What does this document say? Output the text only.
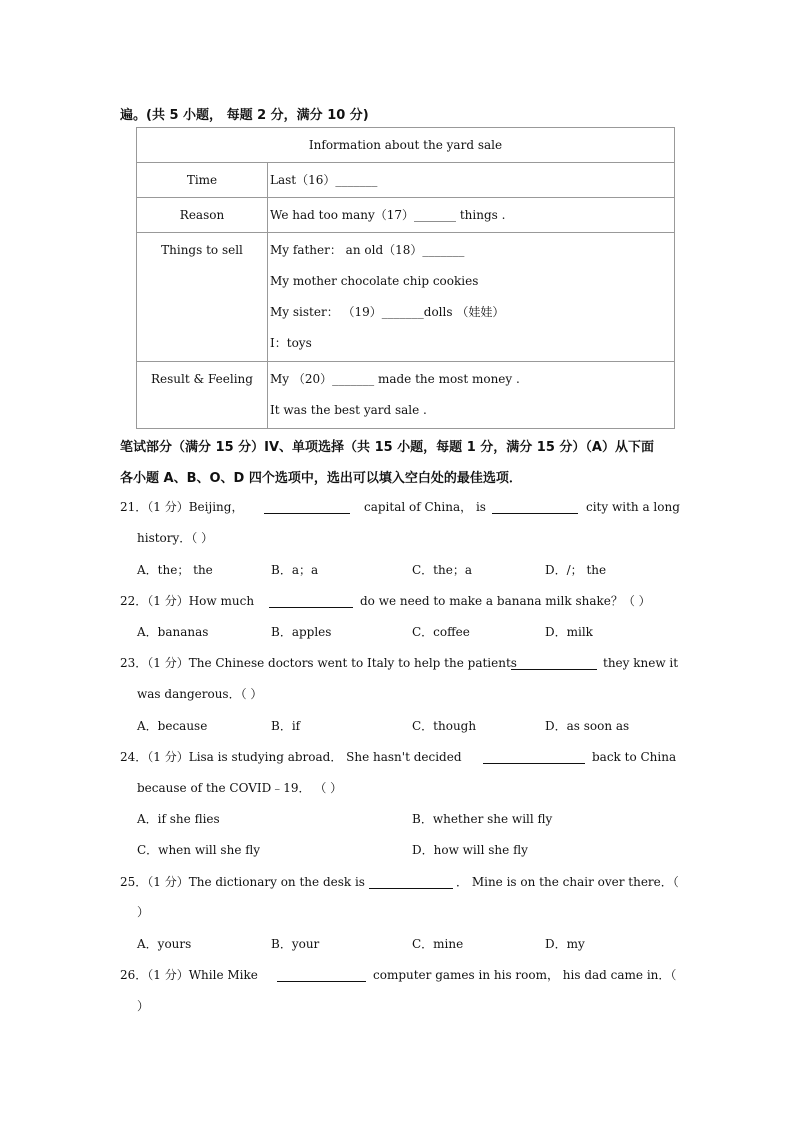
遍。(共 5 小题， 每题 2 分，满分 10 分)
Information about the yard sale	
Time	Last（16）_______

Reason	We had too many（17）_______ things .

Things to sell	My father： an old（18）_______
My mother chocolate chip cookies
My sister： （19）_______dolls （娃娃）
I：toys

Result & Feeling	My （20）_______ made the most money .
It was the best yard sale .
笔试部分（满分 15 分）IV、单项选择（共 15 小题，每题 1 分，满分 15 分）（A）从下面
各小题 A、B、O、D 四个选项中，选出可以填入空白处的最佳选项．
21．（1 分）Beijing，	capital of China， is	city with a long
history．（ ）
A．the； the	B．a；a	C．the；a	D．/； the
22．（1 分）How much	do we need to make a banana milk shake？（ ）
A．bananas	B．apples	C．coffee	D．milk
23．（1 分）The Chinese doctors went to Italy to help the patients	they knew it
was dangerous．（ ）
A．because	B．if	C．though	D．as soon as
24．（1 分）Lisa is studying abroad． She hasn't decided	back to China
because of the COVID﹣19． （ ）
A．if she flies	B．whether she will fly
C．when will she fly	D．how will she fly
25．（1 分）The dictionary on the desk is	． Mine is on the chair over there．（
）
A．yours	B．your	C．mine	D．my
26．（1 分）While Mike	computer games in his room， his dad came in．（
）
